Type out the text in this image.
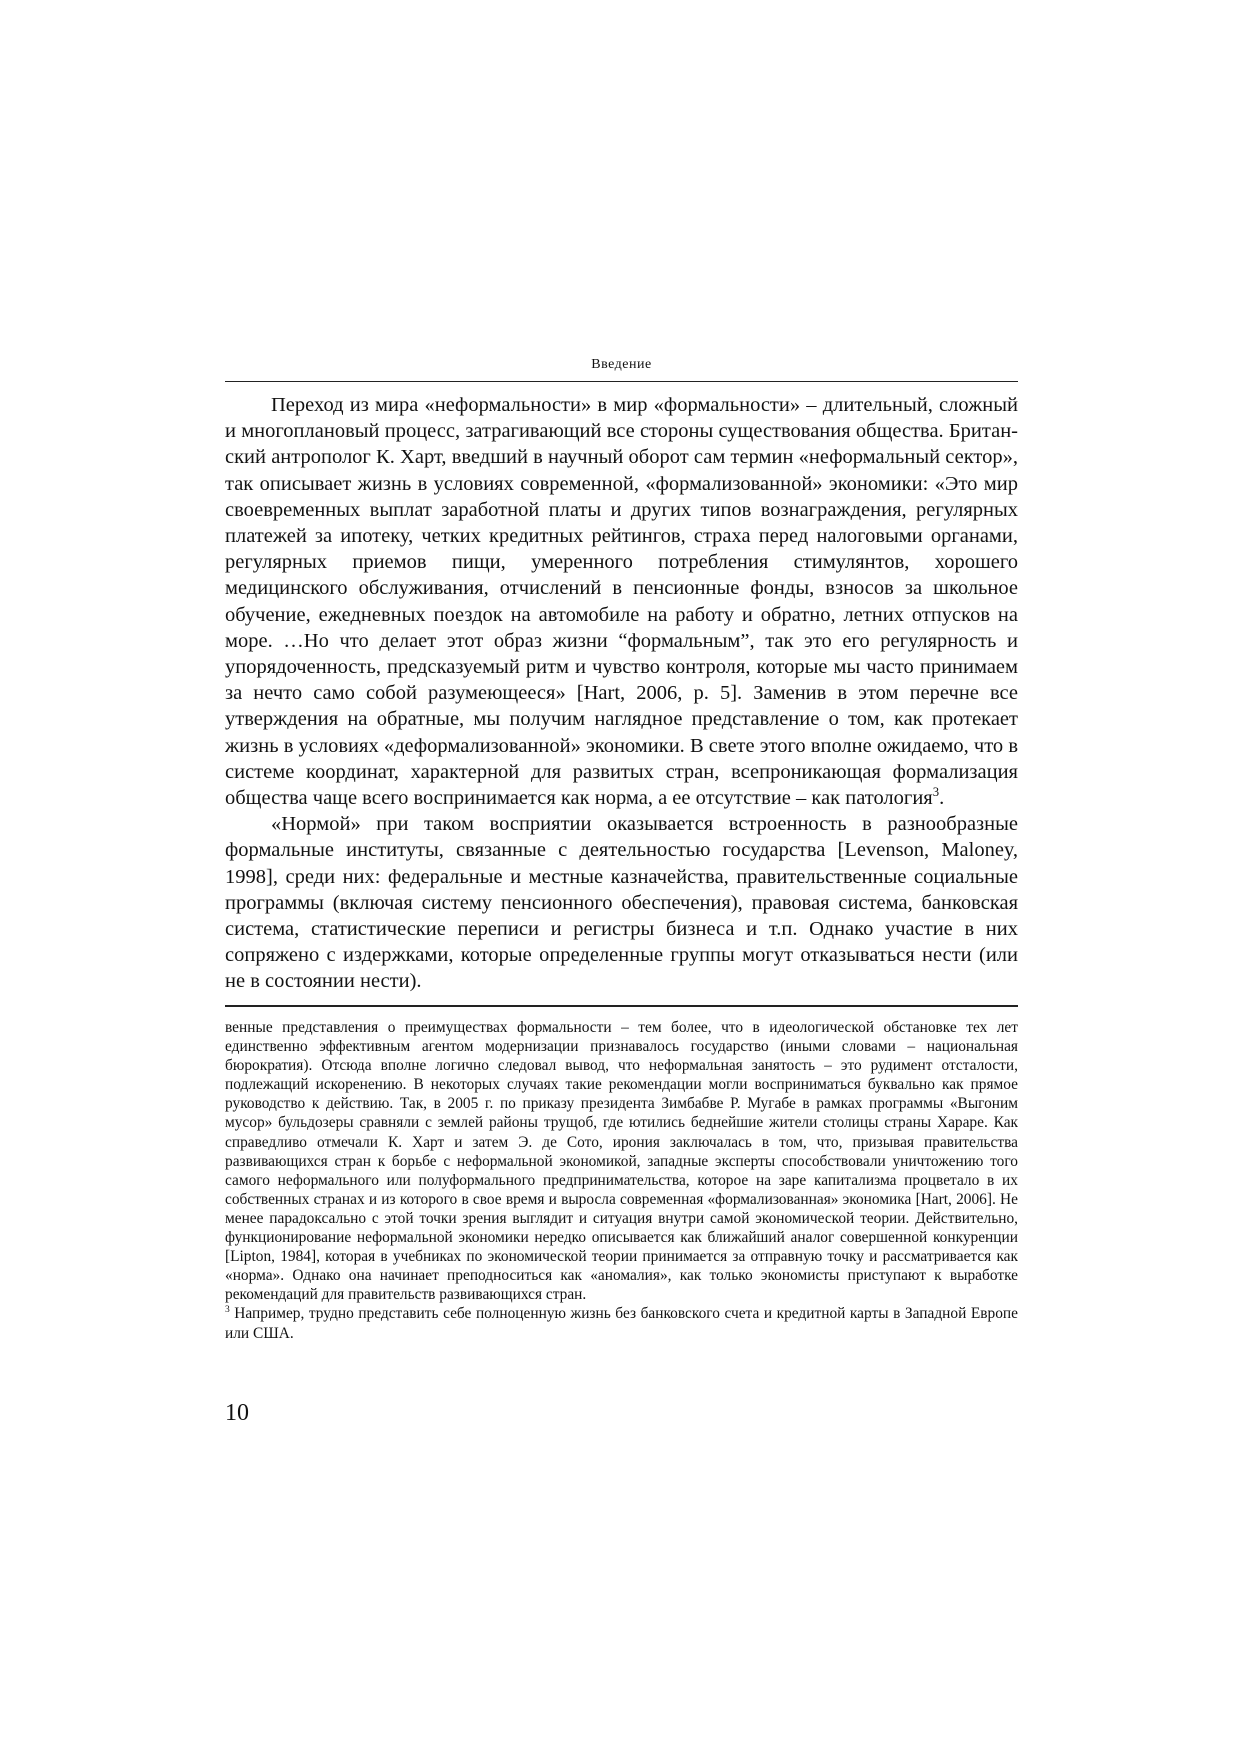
Введение

Переход из мира «неформальности» в мир «формальности» – длительный, сложный и многоплановый процесс, затрагивающий все стороны существования общества. Британский антрополог К. Харт, введший в научный оборот сам термин «неформальный сектор», так описывает жизнь в условиях современной, «формализованной» экономики: «Это мир своевременных выплат заработной платы и других типов вознаграждения, регулярных платежей за ипотеку, четких кредитных рейтингов, страха перед налоговыми органами, регулярных приемов пищи, умеренного потребления стимулянтов, хорошего медицинского обслуживания, отчислений в пенсионные фонды, взносов за школьное обучение, ежедневных поездок на автомобиле на работу и обратно, летних отпусков на море. …Но что делает этот образ жизни “формальным”, так это его регулярность и упорядоченность, предсказуемый ритм и чувство контроля, которые мы часто принимаем за нечто само собой разумеющееся» [Hart, 2006, p. 5]. Заменив в этом перечне все утверждения на обратные, мы получим наглядное представление о том, как протекает жизнь в условиях «деформализованной» экономики. В свете этого вполне ожидаемо, что в системе координат, характерной для развитых стран, всепроникающая формализация общества чаще всего воспринимается как норма, а ее отсутствие – как патология$^3$.

«Нормой» при таком восприятии оказывается встроенность в разнообразные формальные институты, связанные с деятельностью государства [Levenson, Maloney, 1998], среди них: федеральные и местные казначейства, правительственные социальные программы (включая систему пенсионного обеспечения), правовая система, банковская система, статистические переписи и регистры бизнеса и т.п. Однако участие в них сопряжено с издержками, которые определенные группы могут отказываться нести (или не в состоянии нести).

венные представления о преимуществах формальности – тем более, что в идеологической обстановке тех лет единственно эффективным агентом модернизации признавалось государство (иными словами – национальная бюрократия). Отсюда вполне логично следовал вывод, что неформальная занятость – это рудимент отсталости, подлежащий искоренению. В некоторых случаях такие рекомендации могли восприниматься буквально как прямое руководство к действию. Так, в 2005 г. по приказу президента Зимбабве Р. Мугабе в рамках программы «Выгоним мусор» бульдозеры сравняли с землей районы трущоб, где ютились беднейшие жители столицы страны Хараре. Как справедливо отмечали К. Харт и затем Э. де Сото, ирония заключалась в том, что, призывая правительства развивающихся стран к борьбе с неформальной экономикой, западные эксперты способствовали уничтожению того самого неформального или полуформального предпринимательства, которое на заре капитализма процветало в их собственных странах и из которого в свое время и выросла современная «формализованная» экономика [Hart, 2006]. Не менее парадоксально с этой точки зрения выглядит и ситуация внутри самой экономической теории. Действительно, функционирование неформальной экономики нередко описывается как ближайший аналог совершенной конкуренции [Lipton, 1984], которая в учебниках по экономической теории принимается за отправную точку и рассматривается как «норма». Однако она начинает преподноситься как «аномалия», как только экономисты приступают к выработке рекомендаций для правительств развивающихся стран.

$^3$ Например, трудно представить себе полноценную жизнь без банковского счета и кредитной карты в Западной Европе или США.

10
